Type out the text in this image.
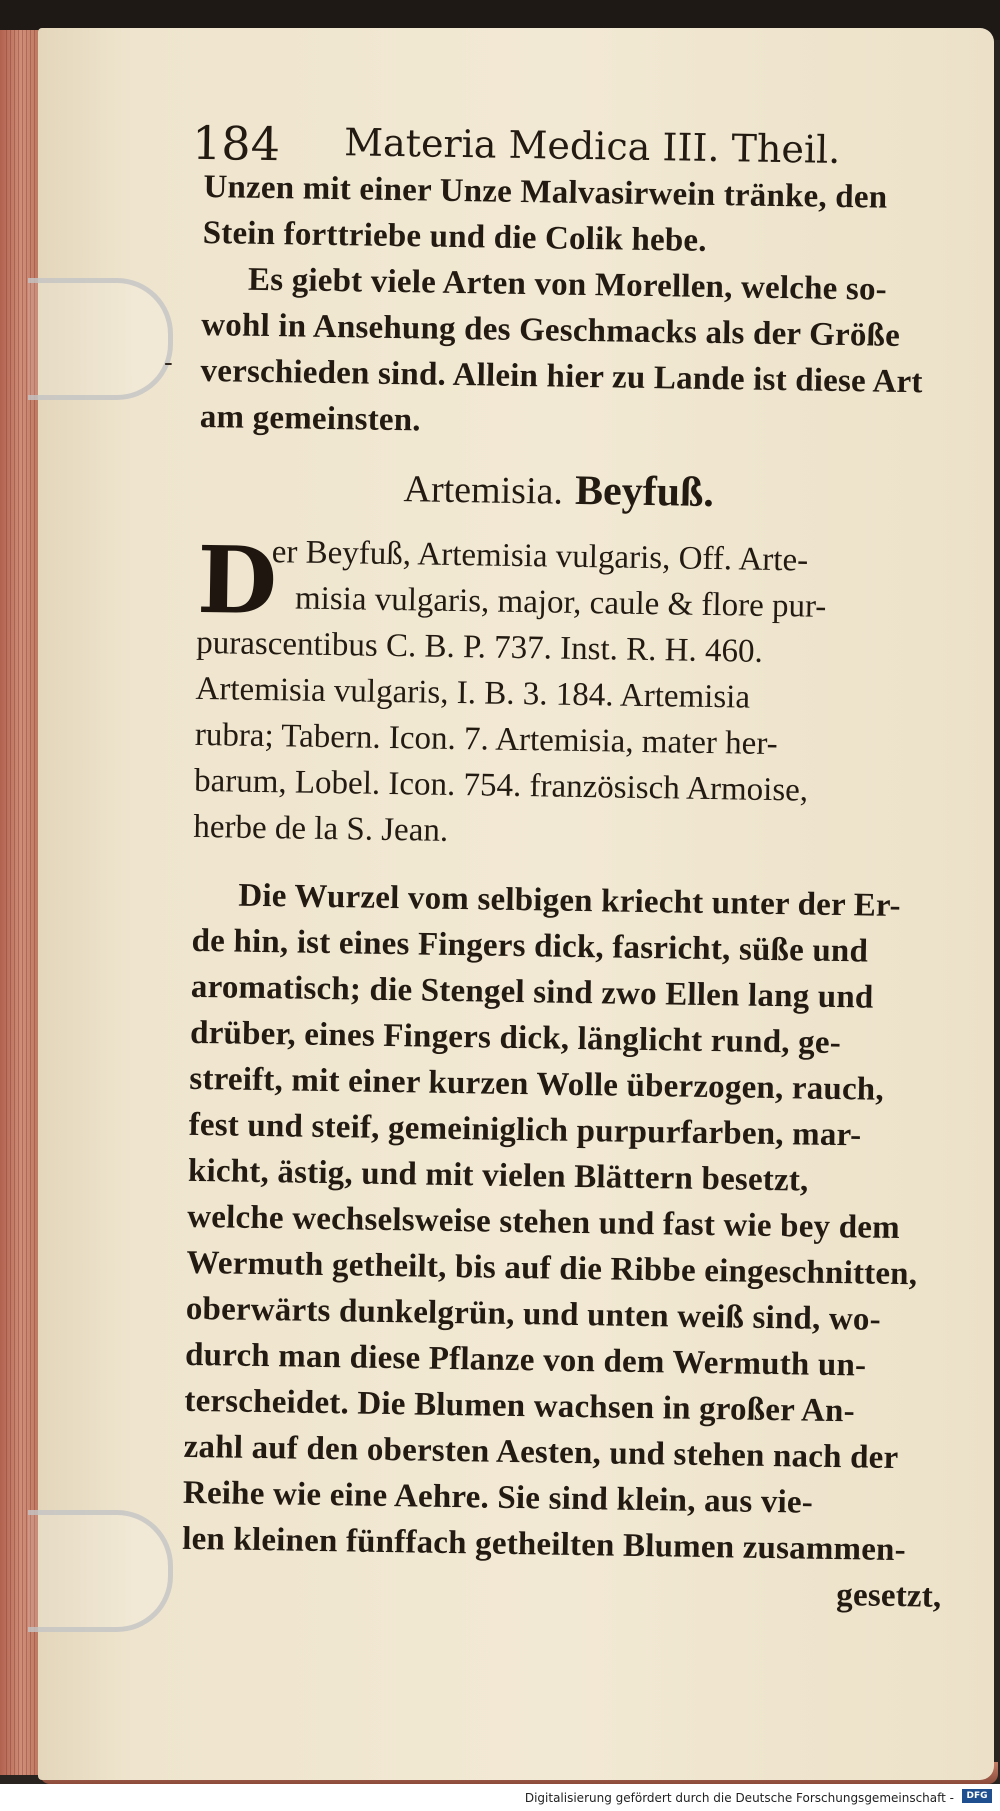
-
184 Materia Medica III. Theil.
Unzen mit einer Unze Malvasirwein tränke, den
Stein forttriebe und die Colik hebe.
Es giebt viele Arten von Morellen, welche so-
wohl in Ansehung des Geschmacks als der Größe
verschieden sind. Allein hier zu Lande ist diese Art
am gemeinsten.
Artemisia. Beyfuß.
D
er Beyfuß, Artemisia vulgaris, Off. Arte-
misia vulgaris, major, caule & flore pur-
purascentibus C. B. P. 737. Inst. R. H. 460.
Artemisia vulgaris, I. B. 3. 184. Artemisia
rubra; Tabern. Icon. 7. Artemisia, mater her-
barum, Lobel. Icon. 754. französisch Armoise,
herbe de la S. Jean.
Die Wurzel vom selbigen kriecht unter der Er-
de hin, ist eines Fingers dick, fasricht, süße und
aromatisch; die Stengel sind zwo Ellen lang und
drüber, eines Fingers dick, länglicht rund, ge-
streift, mit einer kurzen Wolle überzogen, rauch,
fest und steif, gemeiniglich purpurfarben, mar-
kicht, ästig, und mit vielen Blättern besetzt,
welche wechselsweise stehen und fast wie bey dem
Wermuth getheilt, bis auf die Ribbe eingeschnitten,
oberwärts dunkelgrün, und unten weiß sind, wo-
durch man diese Pflanze von dem Wermuth un-
terscheidet. Die Blumen wachsen in großer An-
zahl auf den obersten Aesten, und stehen nach der
Reihe wie eine Aehre. Sie sind klein, aus vie-
len kleinen fünffach getheilten Blumen zusammen-
gesetzt,
Digitalisierung gefördert durch die Deutsche Forschungsgemeinschaft -	DFG
